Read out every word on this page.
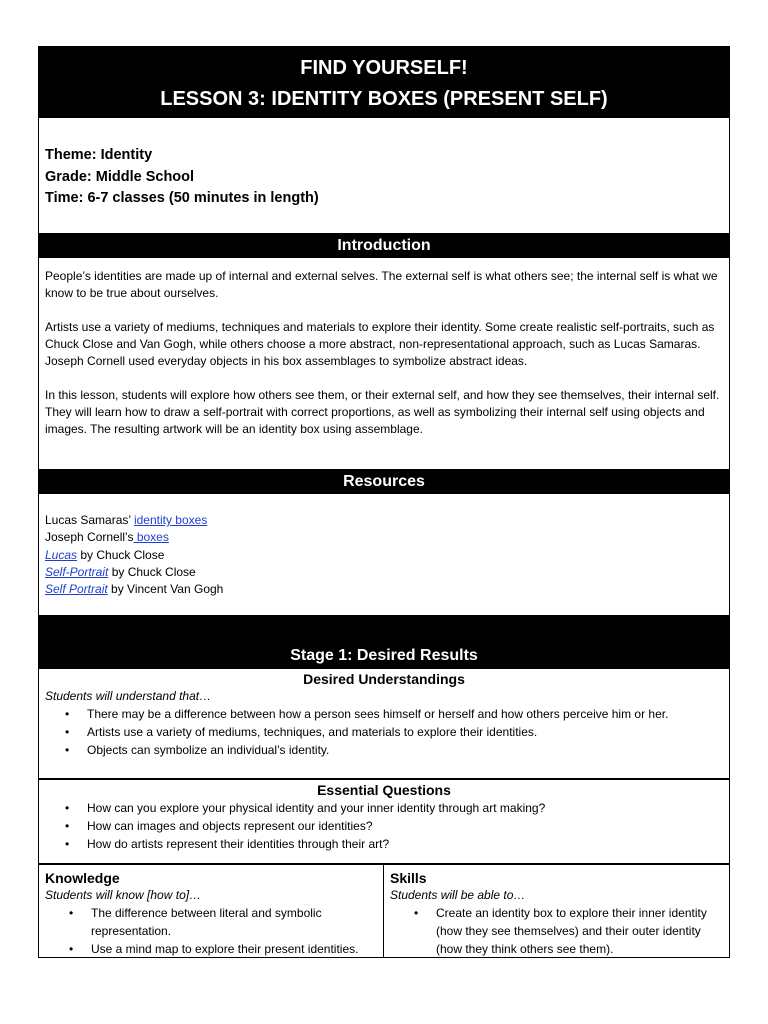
FIND YOURSELF!
LESSON 3: IDENTITY BOXES (PRESENT SELF)
Theme: Identity
Grade: Middle School
Time: 6-7 classes (50 minutes in length)
Introduction

People’s identities are made up of internal and external selves. The external self is what others see; the internal self is what we know to be true about ourselves.

Artists use a variety of mediums, techniques and materials to explore their identity. Some create realistic self-portraits, such as Chuck Close and Van Gogh, while others choose a more abstract, non-representational approach, such as Lucas Samaras. Joseph Cornell used everyday objects in his box assemblages to symbolize abstract ideas.

In this lesson, students will explore how others see them, or their external self, and how they see themselves, their internal self. They will learn how to draw a self-portrait with correct proportions, as well as symbolizing their internal self using objects and images. The resulting artwork will be an identity box using assemblage.

Resources
Lucas Samaras’ identity boxes
Joseph Cornell’s boxes
Lucas by Chuck Close
Self-Portrait by Chuck Close
Self Portrait by Vincent Van Gogh
Stage 1: Desired Results
Desired Understandings
Students will understand that…
• There may be a difference between how a person sees himself or herself and how others perceive him or her.
• Artists use a variety of mediums, techniques, and materials to explore their identities.
• Objects can symbolize an individual’s identity.
Essential Questions
• How can you explore your physical identity and your inner identity through art making?
• How can images and objects represent our identities?
• How do artists represent their identities through their art?
Knowledge
Students will know [how to]…
• The difference between literal and symbolic representation.
• Use a mind map to explore their present identities.
Skills
Students will be able to…
• Create an identity box to explore their inner identity (how they see themselves) and their outer identity (how they think others see them).
